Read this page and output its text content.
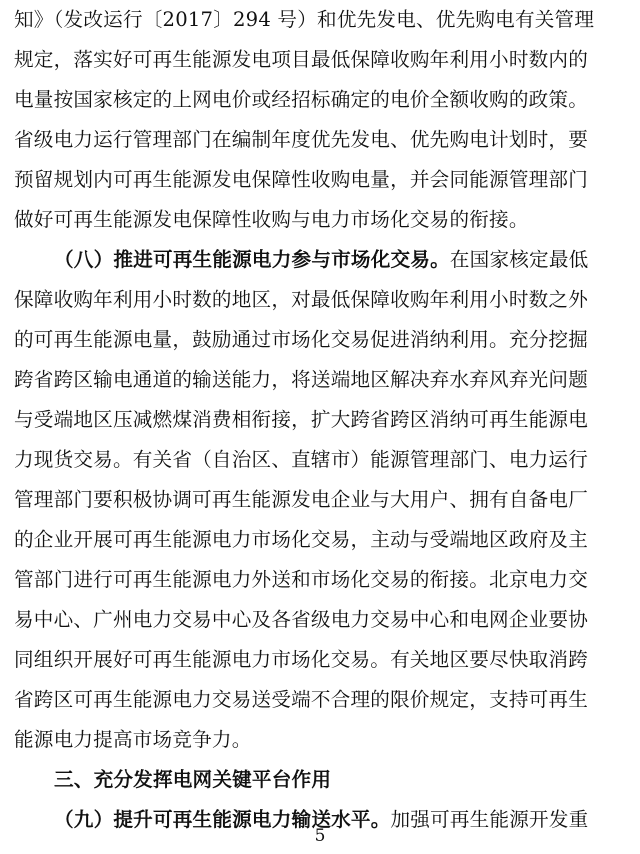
知》（发改运行〔2017〕294 号）和优先发电、优先购电有关管理
规定，落实好可再生能源发电项目最低保障收购年利用小时数内的
电量按国家核定的上网电价或经招标确定的电价全额收购的政策。
省级电力运行管理部门在编制年度优先发电、优先购电计划时，要
预留规划内可再生能源发电保障性收购电量，并会同能源管理部门
做好可再生能源发电保障性收购与电力市场化交易的衔接。
（八）推进可再生能源电力参与市场化交易。在国家核定最低
保障收购年利用小时数的地区，对最低保障收购年利用小时数之外
的可再生能源电量，鼓励通过市场化交易促进消纳利用。充分挖掘
跨省跨区输电通道的输送能力，将送端地区解决弃水弃风弃光问题
与受端地区压减燃煤消费相衔接，扩大跨省跨区消纳可再生能源电
力现货交易。有关省（自治区、直辖市）能源管理部门、电力运行
管理部门要积极协调可再生能源发电企业与大用户、拥有自备电厂
的企业开展可再生能源电力市场化交易，主动与受端地区政府及主
管部门进行可再生能源电力外送和市场化交易的衔接。北京电力交
易中心、广州电力交易中心及各省级电力交易中心和电网企业要协
同组织开展好可再生能源电力市场化交易。有关地区要尽快取消跨
省跨区可再生能源电力交易送受端不合理的限价规定，支持可再生
能源电力提高市场竞争力。
三、充分发挥电网关键平台作用
（九）提升可再生能源电力输送水平。加强可再生能源开发重
5
